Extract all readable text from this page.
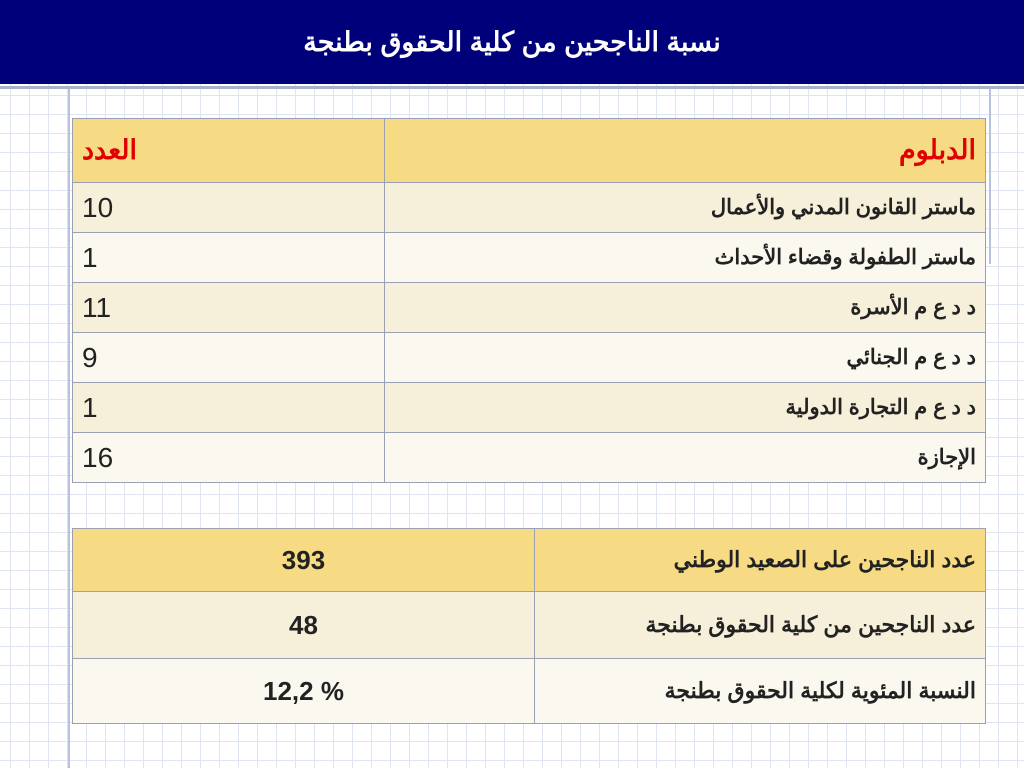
نسبة الناجحين من كلية الحقوق بطنجة
الدبلوم	العدد
ماستر القانون المدني والأعمال	10
ماستر الطفولة وقضاء الأحداث	1
د د ع م الأسرة	11
د د ع م الجنائي	9
د د ع م التجارة الدولية	1
الإجازة	16
عدد الناجحين على الصعيد الوطني	393
عدد الناجحين من كلية الحقوق بطنجة	48
النسبة المئوية لكلية الحقوق بطنجة	% 12,2
